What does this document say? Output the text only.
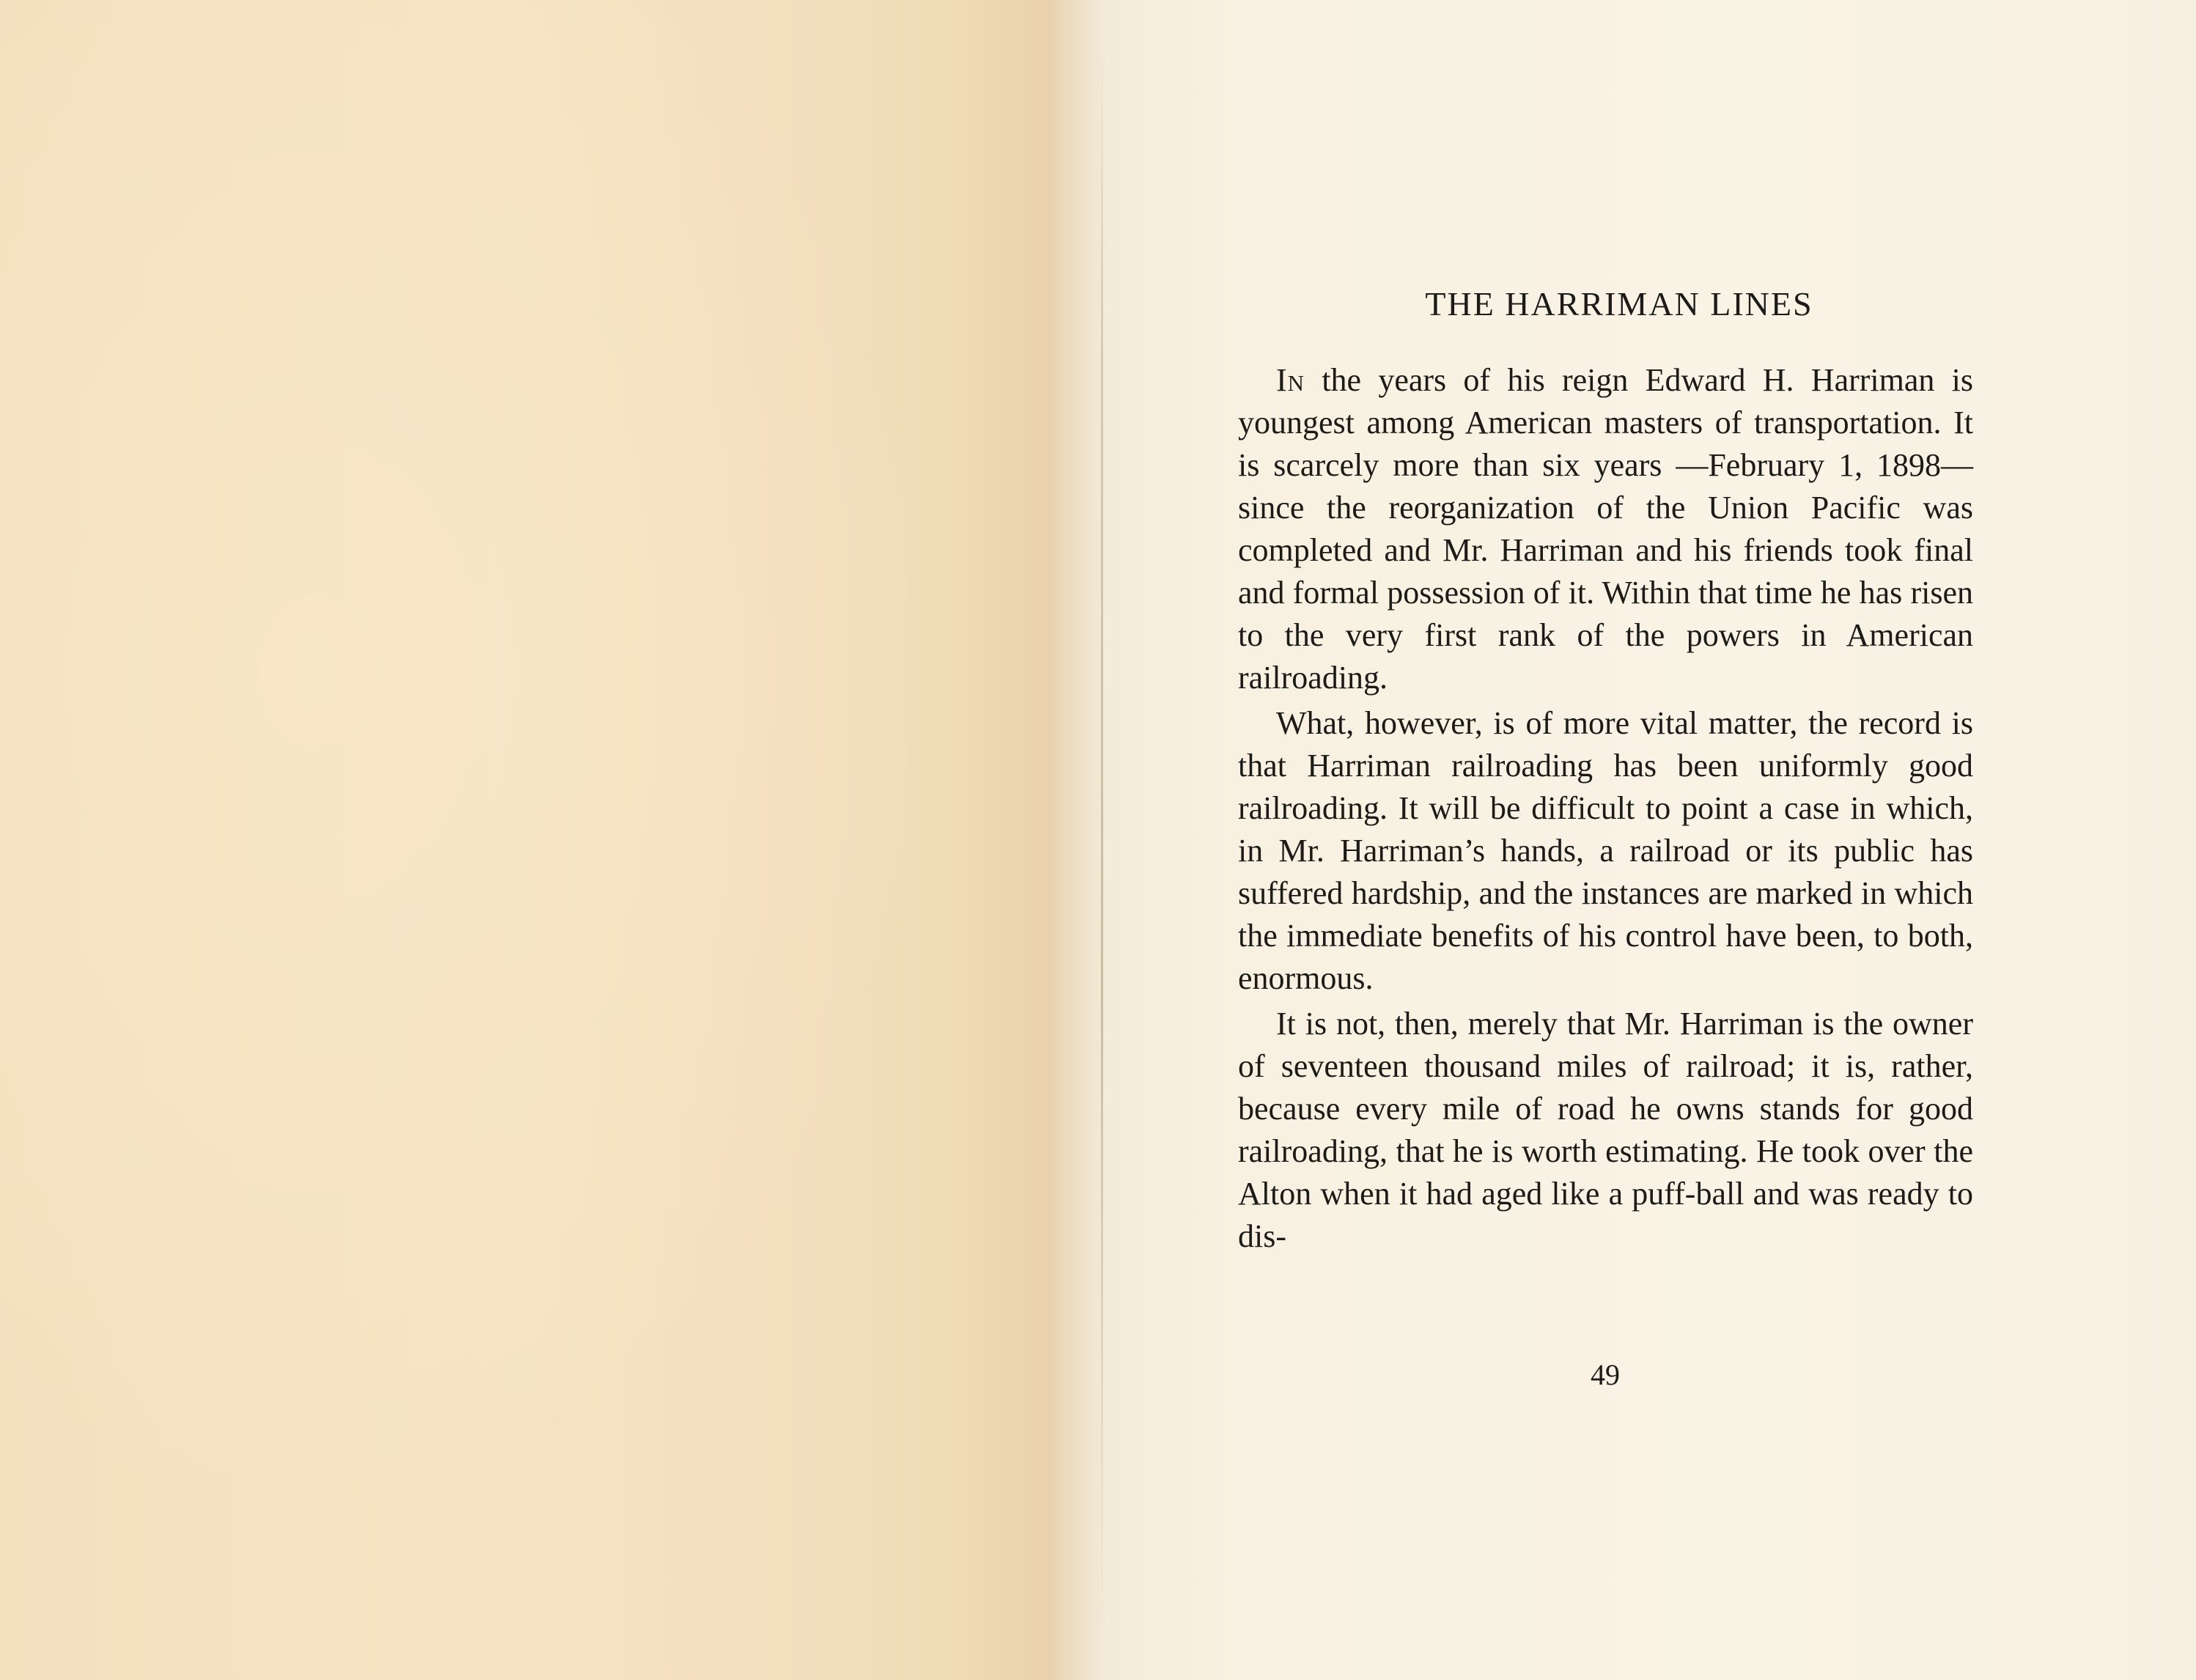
THE HARRIMAN LINES

In the years of his reign Edward H. Harriman is youngest among American masters of transportation. It is scarcely more than six years —February 1, 1898—since the reorganization of the Union Pacific was completed and Mr. Harriman and his friends took final and formal possession of it. Within that time he has risen to the very first rank of the powers in American railroading.

What, however, is of more vital matter, the record is that Harriman railroading has been uniformly good railroading. It will be difficult to point a case in which, in Mr. Harriman’s hands, a railroad or its public has suffered hardship, and the instances are marked in which the immediate benefits of his control have been, to both, enormous.

It is not, then, merely that Mr. Harriman is the owner of seventeen thousand miles of railroad; it is, rather, because every mile of road he owns stands for good railroading, that he is worth estimating. He took over the Alton when it had aged like a puff-ball and was ready to dis-

49
